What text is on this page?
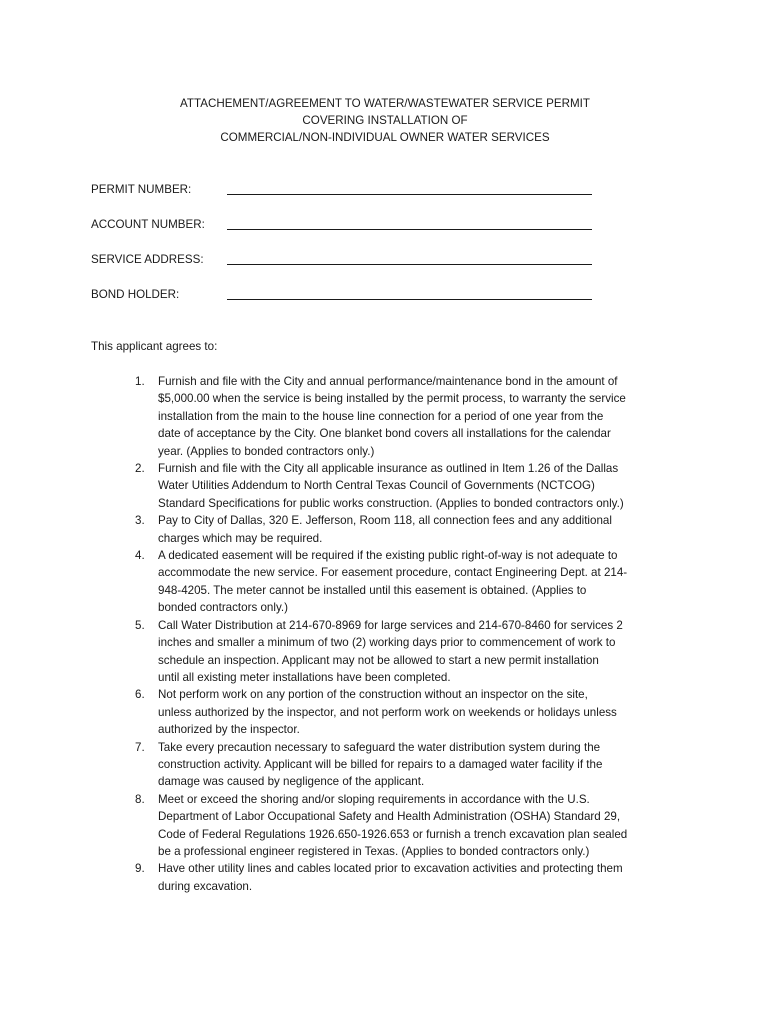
ATTACHEMENT/AGREEMENT TO WATER/WASTEWATER SERVICE PERMIT
COVERING INSTALLATION OF
COMMERCIAL/NON-INDIVIDUAL OWNER WATER SERVICES
PERMIT NUMBER:
ACCOUNT NUMBER:
SERVICE ADDRESS:
BOND HOLDER:
This applicant agrees to:
1. Furnish and file with the City and annual performance/maintenance bond in the amount of
$5,000.00 when the service is being installed by the permit process, to warranty the service
installation from the main to the house line connection for a period of one year from the
date of acceptance by the City. One blanket bond covers all installations for the calendar
year. (Applies to bonded contractors only.)
2. Furnish and file with the City all applicable insurance as outlined in Item 1.26 of the Dallas
Water Utilities Addendum to North Central Texas Council of Governments (NCTCOG)
Standard Specifications for public works construction. (Applies to bonded contractors only.)
3. Pay to City of Dallas, 320 E. Jefferson, Room 118, all connection fees and any additional
charges which may be required.
4. A dedicated easement will be required if the existing public right-of-way is not adequate to
accommodate the new service. For easement procedure, contact Engineering Dept. at 214-
948-4205. The meter cannot be installed until this easement is obtained. (Applies to
bonded contractors only.)
5. Call Water Distribution at 214-670-8969 for large services and 214-670-8460 for services 2
inches and smaller a minimum of two (2) working days prior to commencement of work to
schedule an inspection. Applicant may not be allowed to start a new permit installation
until all existing meter installations have been completed.
6. Not perform work on any portion of the construction without an inspector on the site,
unless authorized by the inspector, and not perform work on weekends or holidays unless
authorized by the inspector.
7. Take every precaution necessary to safeguard the water distribution system during the
construction activity. Applicant will be billed for repairs to a damaged water facility if the
damage was caused by negligence of the applicant.
8. Meet or exceed the shoring and/or sloping requirements in accordance with the U.S.
Department of Labor Occupational Safety and Health Administration (OSHA) Standard 29,
Code of Federal Regulations 1926.650-1926.653 or furnish a trench excavation plan sealed
be a professional engineer registered in Texas. (Applies to bonded contractors only.)
9. Have other utility lines and cables located prior to excavation activities and protecting them
during excavation.
